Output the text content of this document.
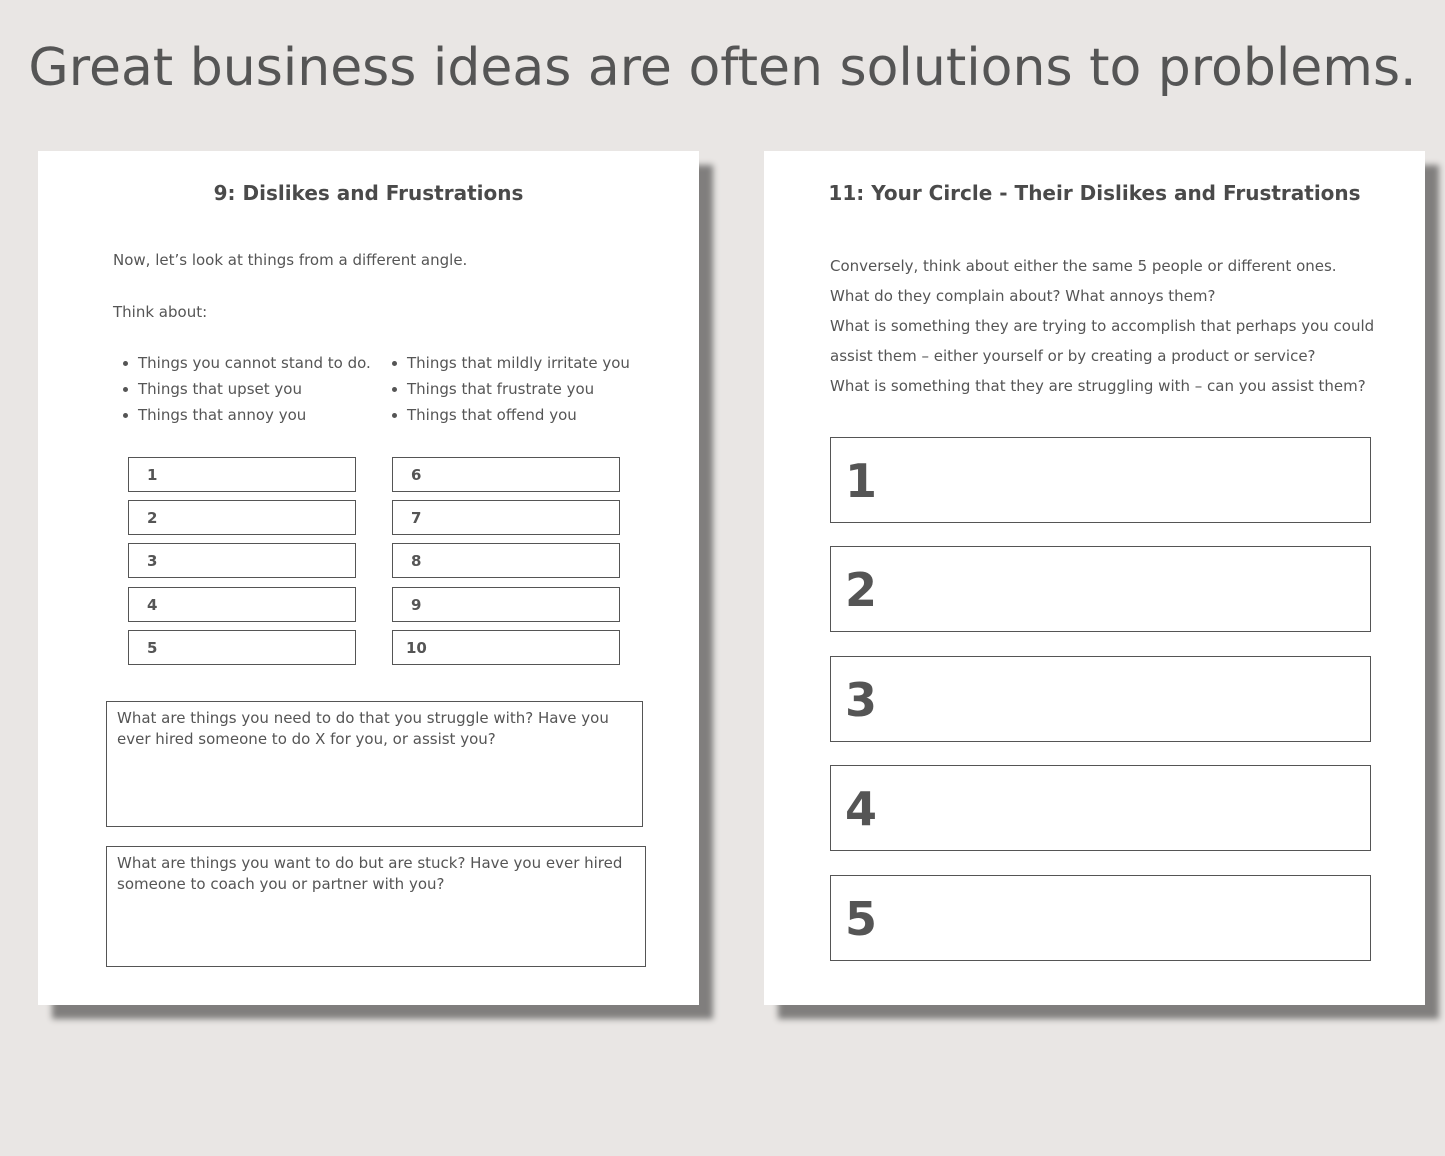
Great business ideas are often solutions to problems.
9: Dislikes and Frustrations

Now, let’s look at things from a different angle.

Think about:

Things you cannot stand to do.
Things that upset you
Things that annoy you
Things that mildly irritate you
Things that frustrate you
Things that offend you
1
2
3
4
5
6
7
8
9
10
What are things you need to do that you struggle with? Have you ever hired someone to do X for you, or assist you?
What are things you want to do but are stuck? Have you ever hired someone to coach you or partner with you?
11: Your Circle - Their Dislikes and Frustrations

Conversely, think about either the same 5 people or different ones.

What do they complain about? What annoys them?

What is something they are trying to accomplish that perhaps you could

assist them – either yourself or by creating a product or service?

What is something that they are struggling with – can you assist them?

1
2
3
4
5
